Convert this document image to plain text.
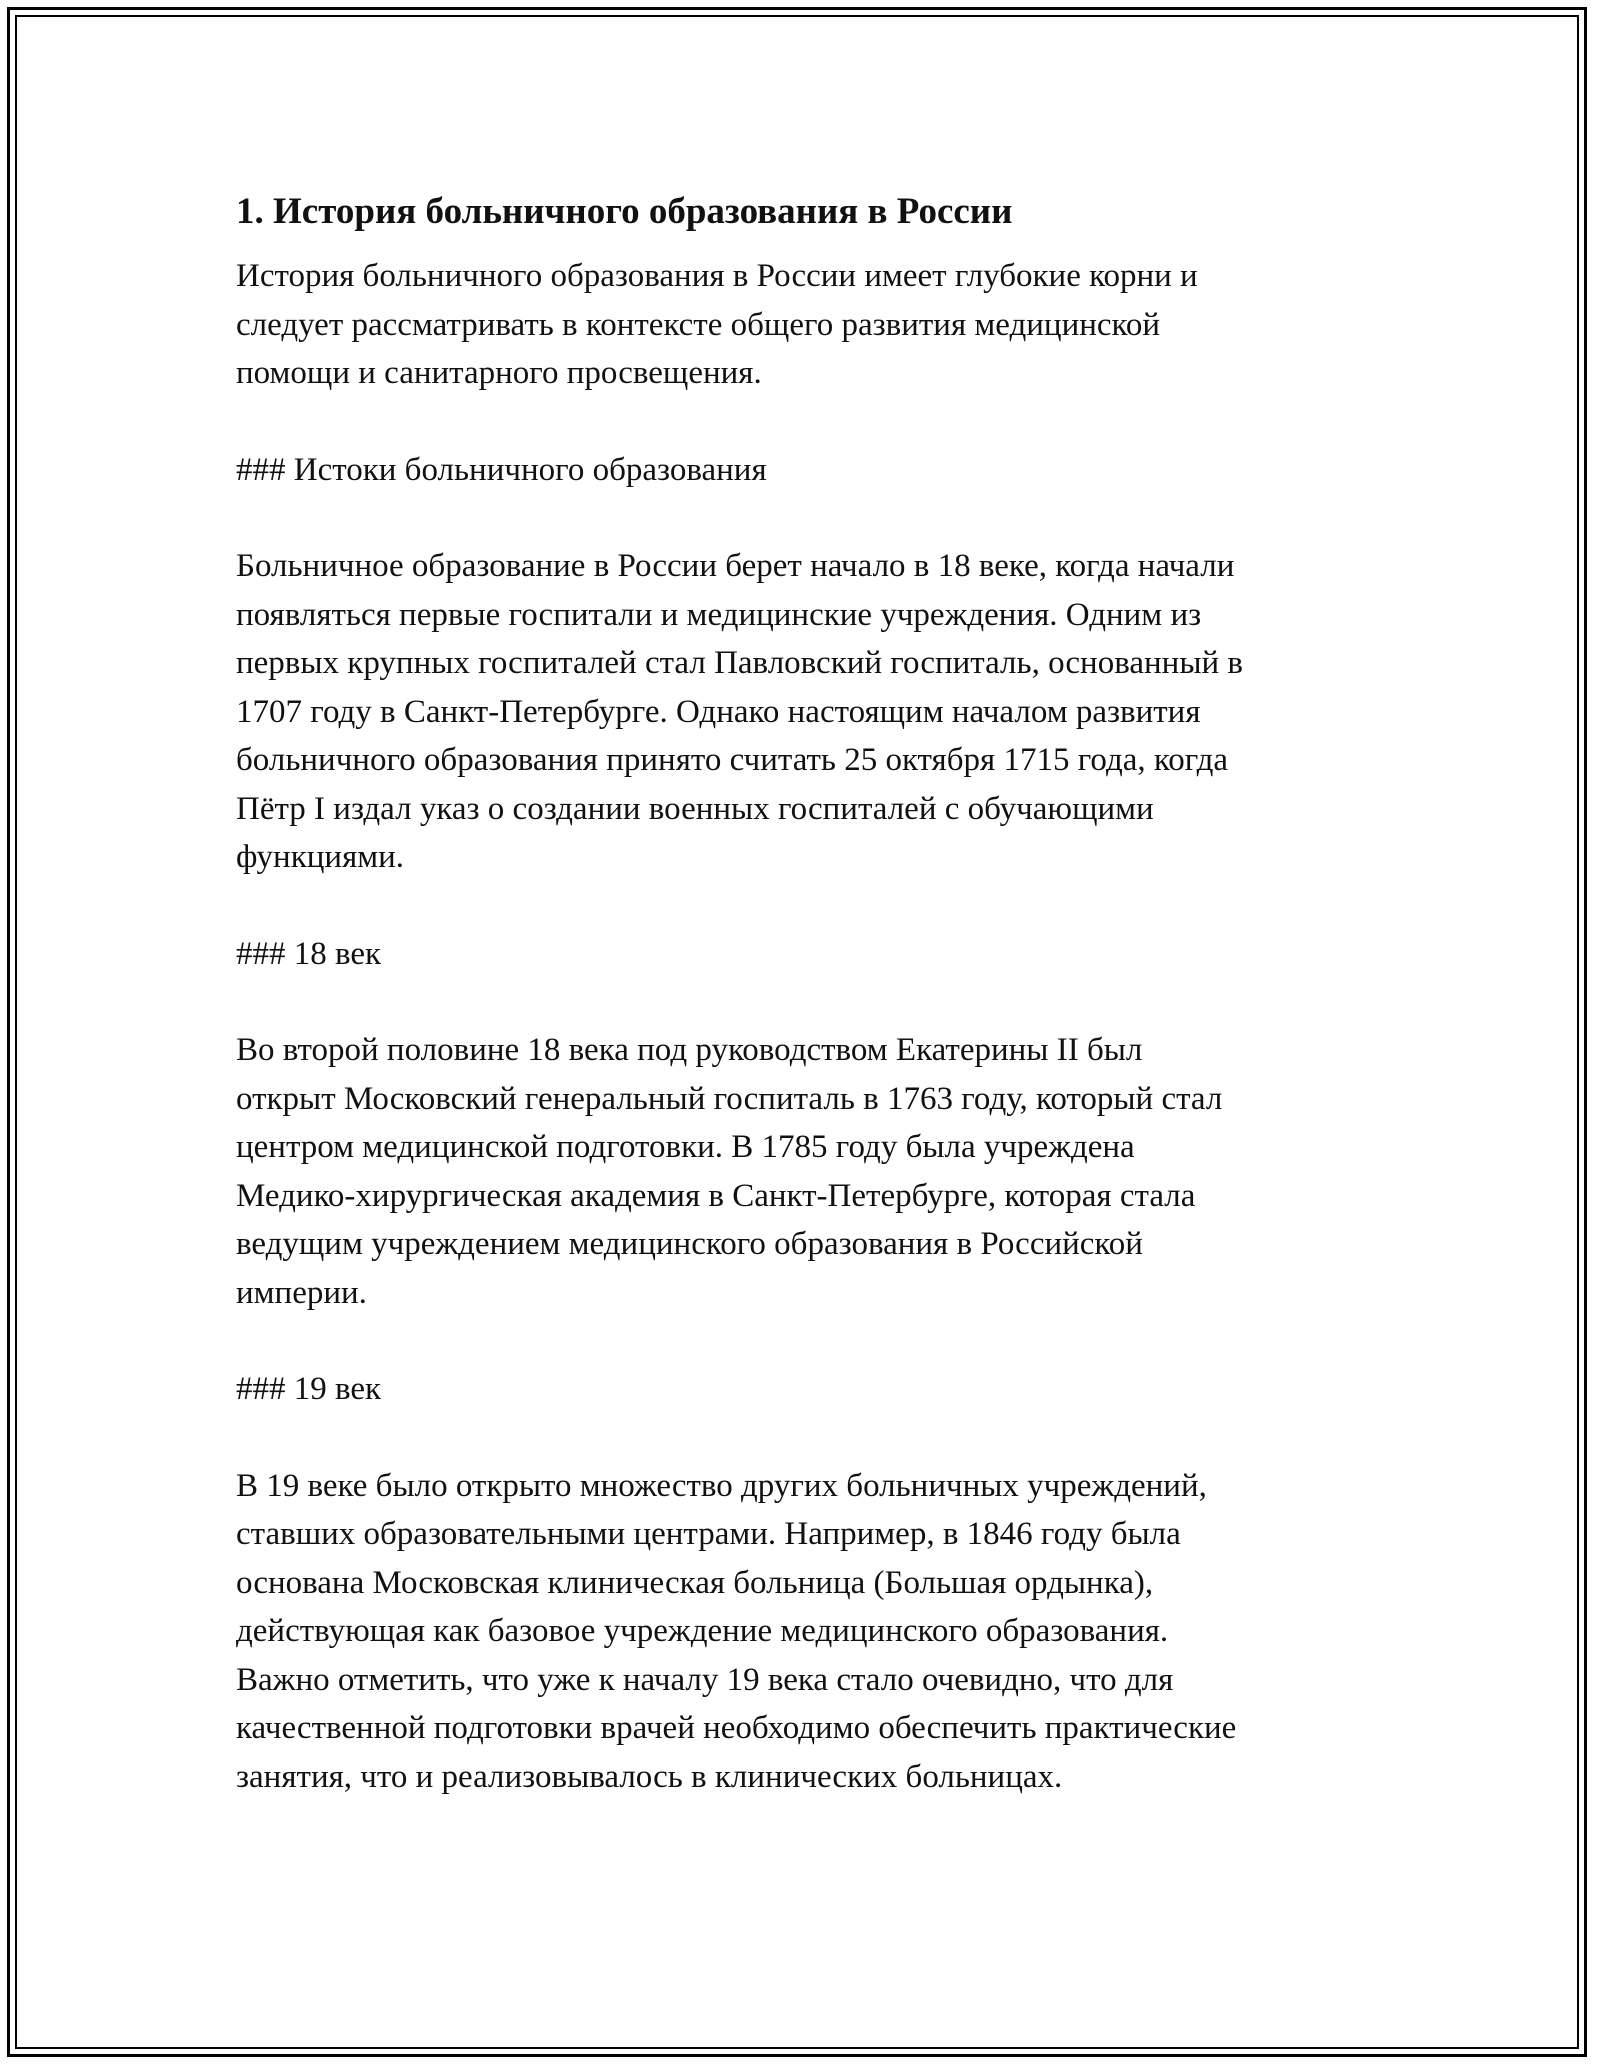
1. История больничного образования в России

История больничного образования в России имеет глубокие корни и
следует рассматривать в контексте общего развития медицинской
помощи и санитарного просвещения.

### Истоки больничного образования

Больничное образование в России берет начало в 18 веке, когда начали
появляться первые госпитали и медицинские учреждения. Одним из
первых крупных госпиталей стал Павловский госпиталь, основанный в
1707 году в Санкт-Петербурге. Однако настоящим началом развития
больничного образования принято считать 25 октября 1715 года, когда
Пётр I издал указ о создании военных госпиталей с обучающими
функциями.

### 18 век

Во второй половине 18 века под руководством Екатерины II был
открыт Московский генеральный госпиталь в 1763 году, который стал
центром медицинской подготовки. В 1785 году была учреждена
Медико-хирургическая академия в Санкт-Петербурге, которая стала
ведущим учреждением медицинского образования в Российской
империи.

### 19 век

В 19 веке было открыто множество других больничных учреждений,
ставших образовательными центрами. Например, в 1846 году была
основана Московская клиническая больница (Большая ордынка),
действующая как базовое учреждение медицинского образования.
Важно отметить, что уже к началу 19 века стало очевидно, что для
качественной подготовки врачей необходимо обеспечить практические
занятия, что и реализовывалось в клинических больницах.
